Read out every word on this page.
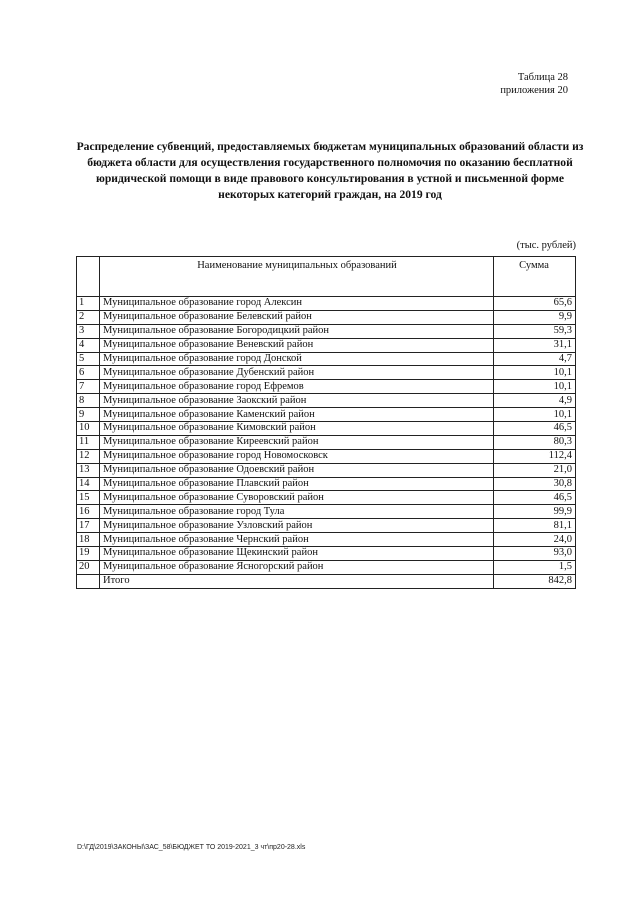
Таблица 28
приложения 20
Распределение субвенций, предоставляемых бюджетам муниципальных образований области из бюджета области для осуществления государственного полномочия по оказанию бесплатной юридической помощи в виде правового консультирования в устной и письменной форме некоторых категорий граждан, на 2019 год
(тыс. рублей)
	Наименование муниципальных образований	Сумма
1	Муниципальное образование город Алексин	65,6
2	Муниципальное образование Белевский район	9,9
3	Муниципальное образование Богородицкий район	59,3
4	Муниципальное образование Веневский район	31,1
5	Муниципальное образование город Донской	4,7
6	Муниципальное образование Дубенский район	10,1
7	Муниципальное образование город Ефремов	10,1
8	Муниципальное образование Заокский район	4,9
9	Муниципальное образование Каменский район	10,1
10	Муниципальное образование Кимовский район	46,5
11	Муниципальное образование Киреевский район	80,3
12	Муниципальное образование город Новомосковск	112,4
13	Муниципальное образование Одоевский район	21,0
14	Муниципальное образование Плавский район	30,8
15	Муниципальное образование Суворовский район	46,5
16	Муниципальное образование город Тула	99,9
17	Муниципальное образование Узловский район	81,1
18	Муниципальное образование Чернский район	24,0
19	Муниципальное образование Щекинский район	93,0
20	Муниципальное образование Ясногорский район	1,5
	Итого	842,8
D:\ГД\2019\ЗАКОНЫ\ЗАС_58\БЮДЖЕТ ТО 2019-2021_3 чт\пр20-28.xls
